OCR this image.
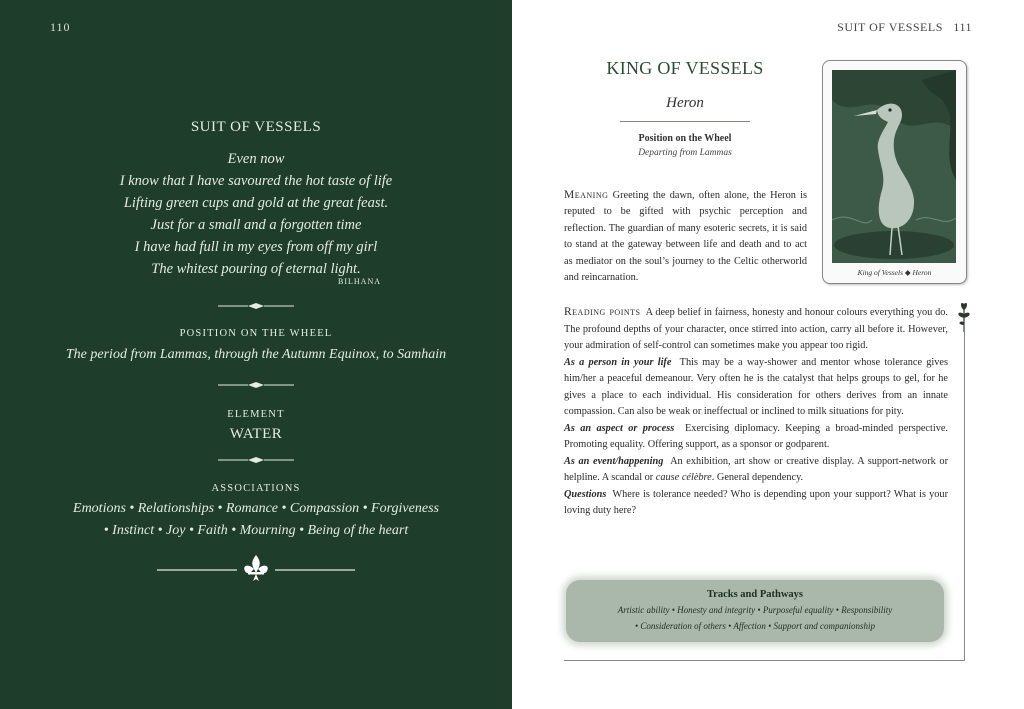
110
SUIT OF VESSELS
Even now
I know that I have savoured the hot taste of life
Lifting green cups and gold at the great feast.
Just for a small and a forgotten time
I have had full in my eyes from off my girl
The whitest pouring of eternal light.
BILHANA
POSITION ON THE WHEEL
The period from Lammas, through the Autumn Equinox, to Samhain
ELEMENT
WATER
ASSOCIATIONS
Emotions • Relationships • Romance • Compassion • Forgiveness
• Instinct • Joy • Faith • Mourning • Being of the heart
SUIT OF VESSELS 111
KING OF VESSELS
Heron
Position on the Wheel
Departing from Lammas
Meaning Greeting the dawn, often alone, the Heron is reputed to be gifted with psychic perception and reflection. The guardian of many esoteric secrets, it is said to stand at the gateway between life and death and to act as mediator on the soul’s journey to the Celtic otherworld and reincarnation.	King of Vessels ◆ Heron

Reading points A deep belief in fairness, honesty and honour colours everything you do. The profound depths of your character, once stirred into action, carry all before it. However, your admiration of self-control can sometimes make you appear too rigid.

As a person in your life This may be a way-shower and mentor whose tolerance gives him/her a peaceful demeanour. Very often he is the catalyst that helps groups to gel, for he gives a place to each individual. His consideration for others derives from an innate compassion. Can also be weak or ineffectual or inclined to milk situations for pity.

As an aspect or process Exercising diplomacy. Keeping a broad-minded perspective. Promoting equality. Offering support, as a sponsor or godparent.

As an event/happening An exhibition, art show or creative display. A support-network or helpline. A scandal or cause célèbre. General dependency.

Questions Where is tolerance needed? Who is depending upon your support? What is your loving duty here?

Tracks and Pathways
Artistic ability • Honesty and integrity • Purposeful equality • Responsibility
• Consideration of others • Affection • Support and companionship
